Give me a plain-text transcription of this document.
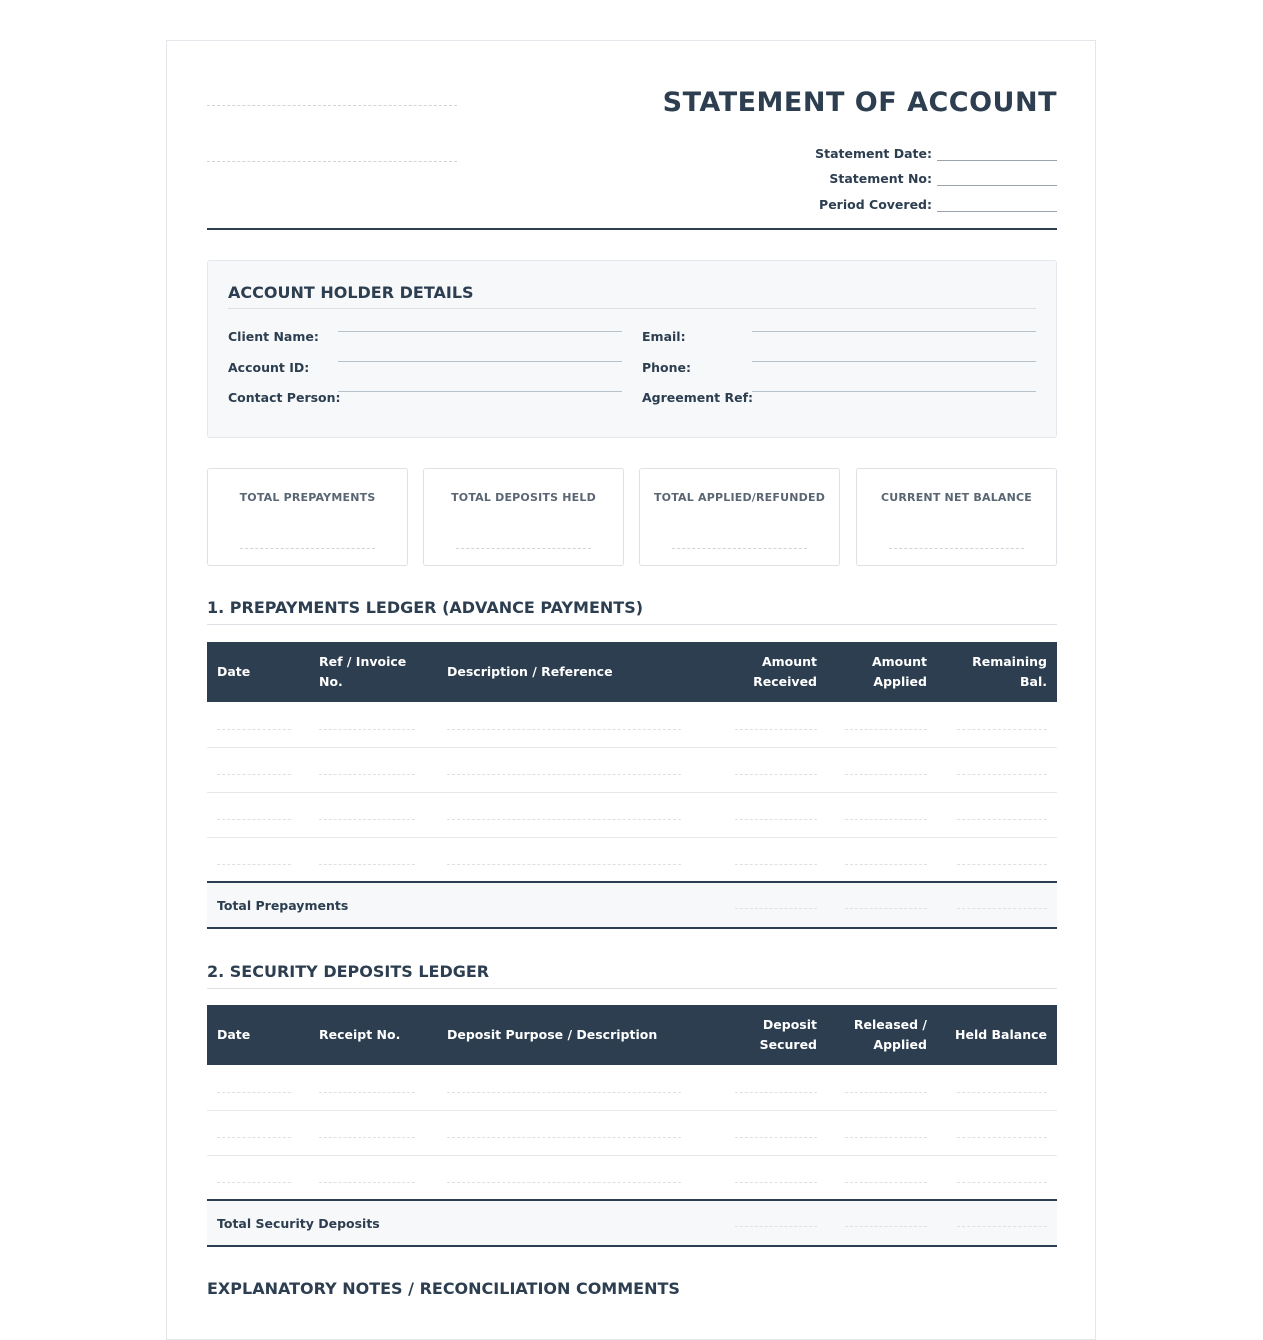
STATEMENT OF ACCOUNT
Statement Date:
Statement No:
Period Covered:
ACCOUNT HOLDER DETAILS
Client Name:
Account ID:
Contact Person:
Email:
Phone:
Agreement Ref:
TOTAL PREPAYMENTS	TOTAL DEPOSITS HELD	TOTAL APPLIED/REFUNDED	CURRENT NET BALANCE
1. PREPAYMENTS LEDGER (ADVANCE PAYMENTS)
Date	Ref / Invoice No.	Description / Reference	Amount Received	Amount Applied	Remaining Bal.

Total Prepayments			

2. SECURITY DEPOSITS LEDGER
Date	Receipt No.	Deposit Purpose / Description	Deposit Secured	Released / Applied	Held Balance

Total Security Deposits			

EXPLANATORY NOTES / RECONCILIATION COMMENTS
